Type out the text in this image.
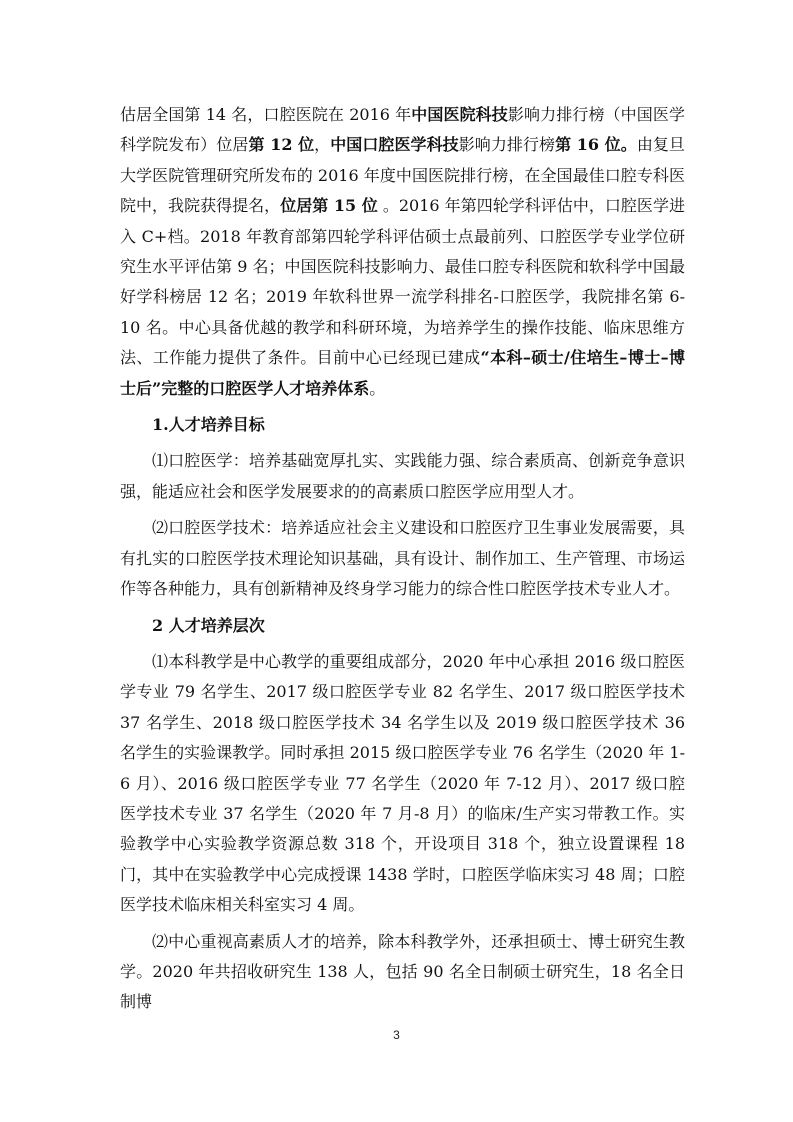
估居全国第 14 名，口腔医院在 2016 年中国医院科技影响力排行榜（中国医学科学院发布）位居第 12 位，中国口腔医学科技影响力排行榜第 16 位。由复旦大学医院管理研究所发布的 2016 年度中国医院排行榜，在全国最佳口腔专科医院中，我院获得提名，位居第 15 位 。2016 年第四轮学科评估中，口腔医学进入 C+档。2018 年教育部第四轮学科评估硕士点最前列、口腔医学专业学位研究生水平评估第 9 名；中国医院科技影响力、最佳口腔专科医院和软科学中国最好学科榜居 12 名；2019 年软科世界一流学科排名-口腔医学，我院排名第 6-10 名。中心具备优越的教学和科研环境，为培养学生的操作技能、临床思维方法、工作能力提供了条件。目前中心已经现已建成“本科–硕士/住培生–博士–博士后”完整的口腔医学人才培养体系。

1.人才培养目标

⑴口腔医学：培养基础宽厚扎实、实践能力强、综合素质高、创新竞争意识强，能适应社会和医学发展要求的的高素质口腔医学应用型人才。

⑵口腔医学技术：培养适应社会主义建设和口腔医疗卫生事业发展需要，具有扎实的口腔医学技术理论知识基础，具有设计、制作加工、生产管理、市场运作等各种能力，具有创新精神及终身学习能力的综合性口腔医学技术专业人才。

2 人才培养层次

⑴本科教学是中心教学的重要组成部分，2020 年中心承担 2016 级口腔医学专业 79 名学生、2017 级口腔医学专业 82 名学生、2017 级口腔医学技术 37 名学生、2018 级口腔医学技术 34 名学生以及 2019 级口腔医学技术 36 名学生的实验课教学。同时承担 2015 级口腔医学专业 76 名学生（2020 年 1-6 月）、2016 级口腔医学专业 77 名学生（2020 年 7-12 月）、2017 级口腔医学技术专业 37 名学生（2020 年 7 月-8 月）的临床/生产实习带教工作。实验教学中心实验教学资源总数 318 个，开设项目 318 个，独立设置课程 18 门，其中在实验教学中心完成授课 1438 学时，口腔医学临床实习 48 周；口腔医学技术临床相关科室实习 4 周。

⑵中心重视高素质人才的培养，除本科教学外，还承担硕士、博士研究生教学。2020 年共招收研究生 138 人，包括 90 名全日制硕士研究生，18 名全日制博

3
